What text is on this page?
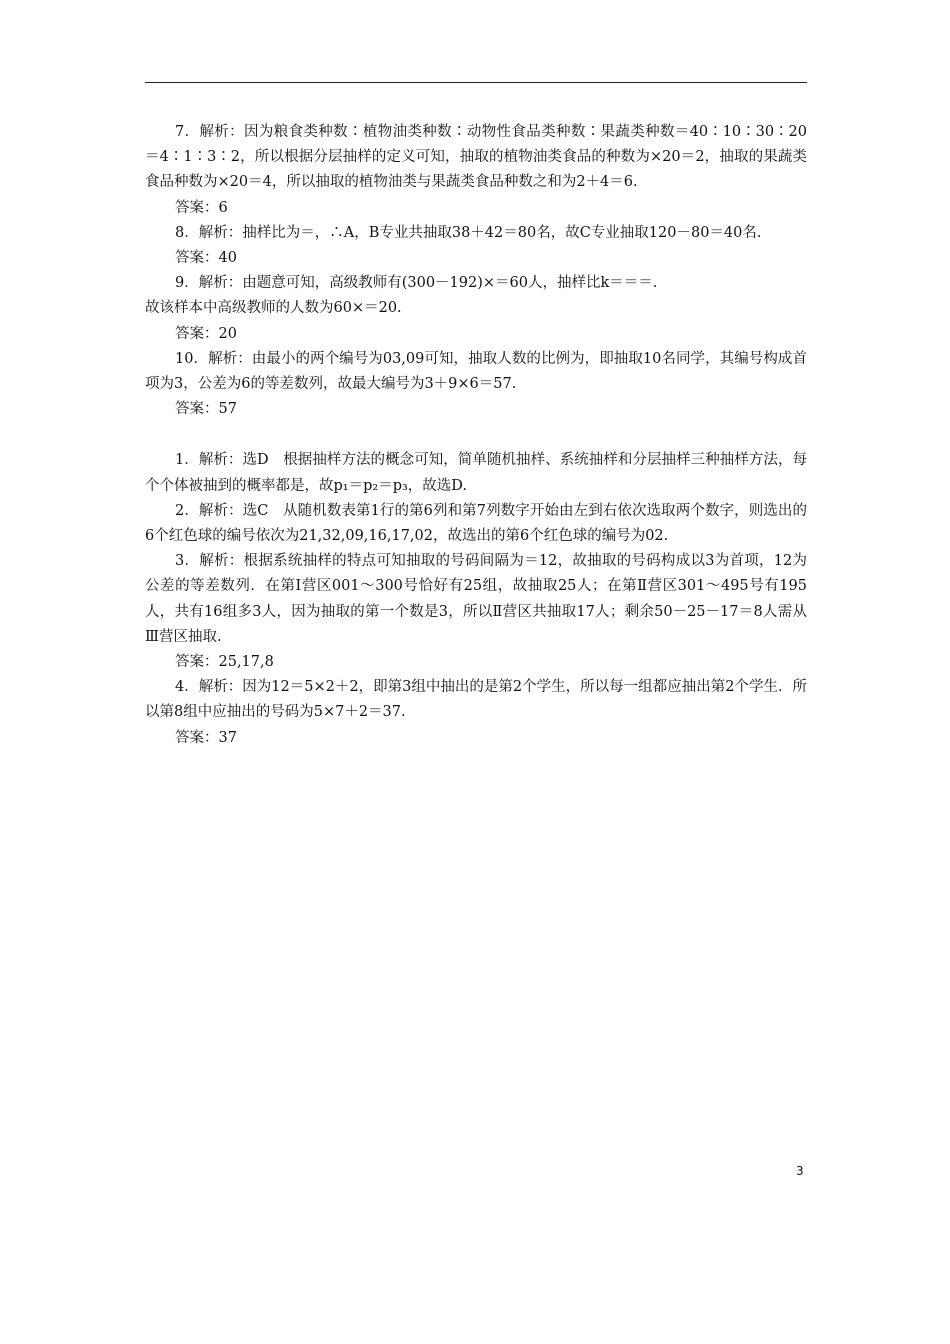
7．解析：因为粮食类种数∶植物油类种数∶动物性食品类种数∶果蔬类种数＝40∶10∶30∶20＝4∶1∶3∶2，所以根据分层抽样的定义可知，抽取的植物油类食品的种数为×20＝2，抽取的果蔬类食品种数为×20＝4，所以抽取的植物油类与果蔬类食品种数之和为2＋4＝6.

答案：6

8．解析：抽样比为＝，∴A，B专业共抽取38＋42＝80名，故C专业抽取120－80＝40名.

答案：40

9．解析：由题意可知，高级教师有(300－192)×＝60人，抽样比k＝＝＝.

故该样本中高级教师的人数为60×＝20.

答案：20

10．解析：由最小的两个编号为03,09可知，抽取人数的比例为，即抽取10名同学，其编号构成首项为3，公差为6的等差数列，故最大编号为3＋9×6＝57.

答案：57

1．解析：选D　根据抽样方法的概念可知，简单随机抽样、系统抽样和分层抽样三种抽样方法，每个个体被抽到的概率都是，故p₁＝p₂＝p₃，故选D.

2．解析：选C　从随机数表第1行的第6列和第7列数字开始由左到右依次选取两个数字，则选出的6个红色球的编号依次为21,32,09,16,17,02，故选出的第6个红色球的编号为02.

3．解析：根据系统抽样的特点可知抽取的号码间隔为＝12，故抽取的号码构成以3为首项，12为公差的等差数列．在第Ⅰ营区001～300号恰好有25组，故抽取25人；在第Ⅱ营区301～495号有195人，共有16组多3人，因为抽取的第一个数是3，所以Ⅱ营区共抽取17人；剩余50－25－17＝8人需从Ⅲ营区抽取.

答案：25,17,8

4．解析：因为12＝5×2＋2，即第3组中抽出的是第2个学生，所以每一组都应抽出第2个学生．所以第8组中应抽出的号码为5×7＋2＝37.

答案：37

3
